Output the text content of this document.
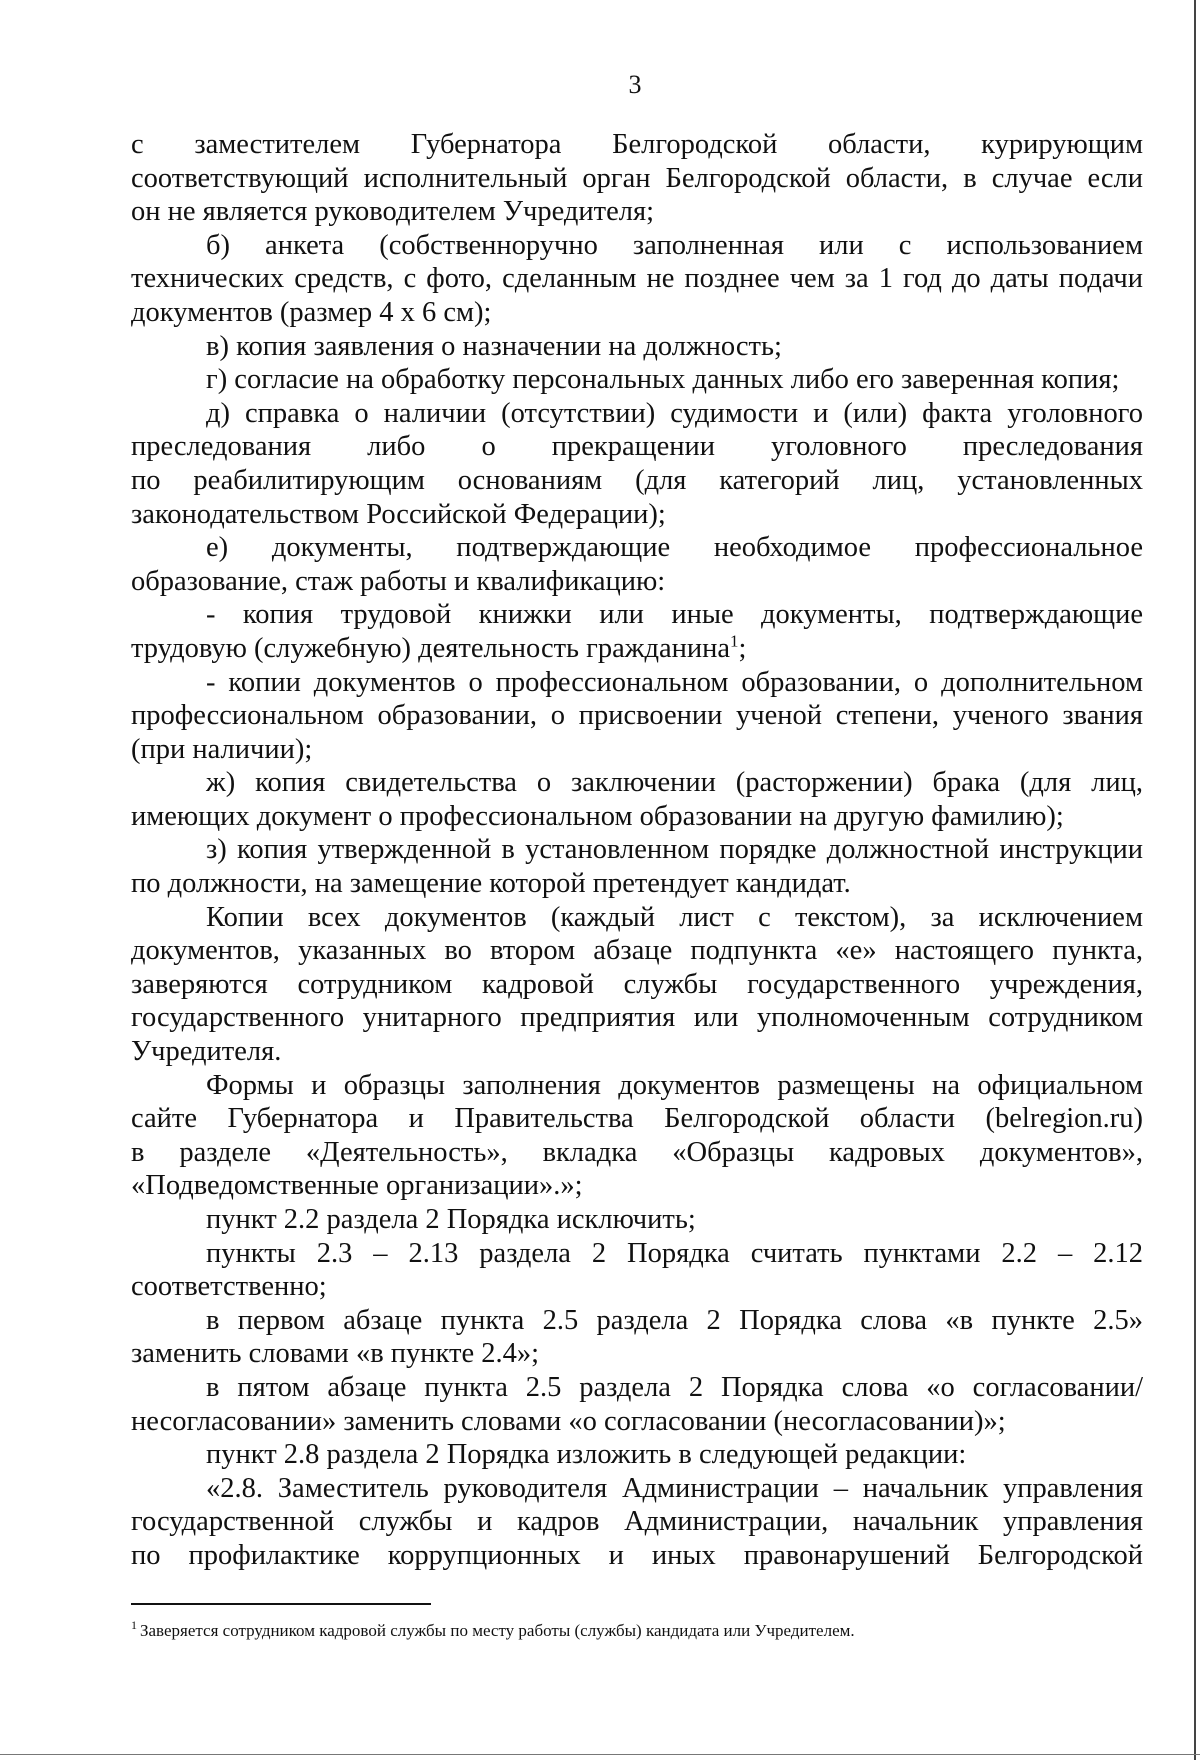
3
с заместителем Губернатора Белгородской области, курирующим
соответствующий исполнительный орган Белгородской области, в случае если
он не является руководителем Учредителя;
б) анкета (собственноручно заполненная или с использованием
технических средств, с фото, сделанным не позднее чем за 1 год до даты подачи
документов (размер 4 х 6 см);
в) копия заявления о назначении на должность;
г) согласие на обработку персональных данных либо его заверенная копия;
д) справка о наличии (отсутствии) судимости и (или) факта уголовного
преследования либо о прекращении уголовного преследования
по реабилитирующим основаниям (для категорий лиц, установленных
законодательством Российской Федерации);
е) документы, подтверждающие необходимое профессиональное
образование, стаж работы и квалификацию:
- копия трудовой книжки или иные документы, подтверждающие
трудовую (служебную) деятельность гражданина$^1$;
- копии документов о профессиональном образовании, о дополнительном
профессиональном образовании, о присвоении ученой степени, ученого звания
(при наличии);
ж) копия свидетельства о заключении (расторжении) брака (для лиц,
имеющих документ о профессиональном образовании на другую фамилию);
з) копия утвержденной в установленном порядке должностной инструкции
по должности, на замещение которой претендует кандидат.
Копии всех документов (каждый лист с текстом), за исключением
документов, указанных во втором абзаце подпункта «е» настоящего пункта,
заверяются сотрудником кадровой службы государственного учреждения,
государственного унитарного предприятия или уполномоченным сотрудником
Учредителя.
Формы и образцы заполнения документов размещены на официальном
сайте Губернатора и Правительства Белгородской области (belregion.ru)
в разделе «Деятельность», вкладка «Образцы кадровых документов»,
«Подведомственные организации».»;
пункт 2.2 раздела 2 Порядка исключить;
пункты 2.3 – 2.13 раздела 2 Порядка считать пунктами 2.2 – 2.12
соответственно;
в первом абзаце пункта 2.5 раздела 2 Порядка слова «в пункте 2.5»
заменить словами «в пункте 2.4»;
в пятом абзаце пункта 2.5 раздела 2 Порядка слова «о согласовании/
несогласовании» заменить словами «о согласовании (несогласовании)»;
пункт 2.8 раздела 2 Порядка изложить в следующей редакции:
«2.8. Заместитель руководителя Администрации – начальник управления
государственной службы и кадров Администрации, начальник управления
по профилактике коррупционных и иных правонарушений Белгородской
$^1$ Заверяется сотрудником кадровой службы по месту работы (службы) кандидата или Учредителем.
